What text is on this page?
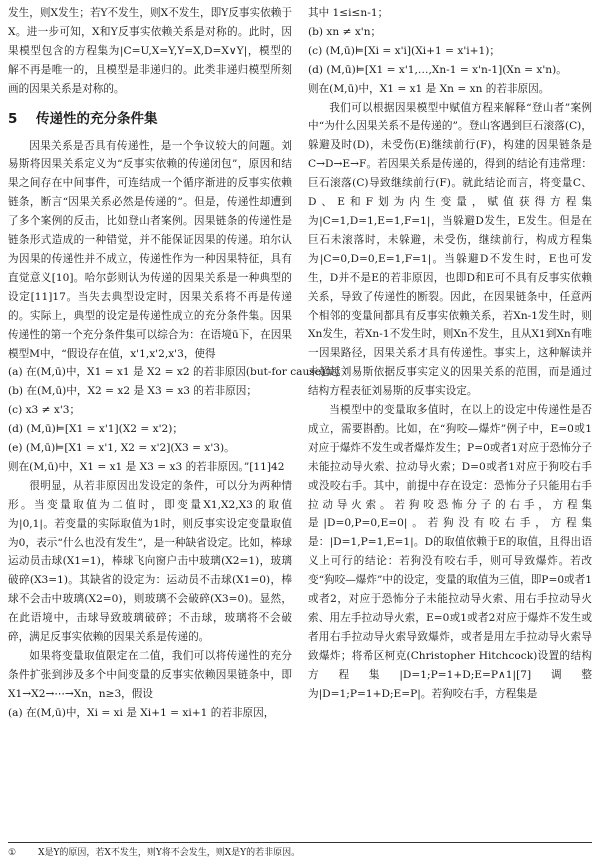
发生，则X发生；若Y不发生，则X不发生，即Y反事实依赖于X。进一步可知，X和Y反事实依赖关系是对称的。此时，因果模型包含的方程集为|C=U,X=Y,Y=X,D=X∨Y|，模型的解不再是唯一的，且模型是非递归的。此类非递归模型所刻画的因果关系是对称的。

5 传递性的充分条件集

因果关系是否具有传递性，是一个争议较大的问题。刘易斯将因果关系定义为“反事实依赖的传递闭包”，原因和结果之间存在中间事件，可连结成一个循序渐进的反事实依赖链条，断言“因果关系必然是传递的”。但是，传递性却遭到了多个案例的反击，比如登山者案例。因果链条的传递性是链条形式造成的一种错觉，并不能保证因果的传递。珀尔认为因果的传递性并不成立，传递性作为一种因果特征，具有直觉意义[10]。哈尔彭则认为传递的因果关系是一种典型的设定[11]17。当失去典型设定时，因果关系将不再是传递的。实际上，典型的设定是传递性成立的充分条件集。因果传递性的第一个充分条件集可以综合为：在语境ū下，在因果模型M中，“假设存在值，x'1,x'2,x'3，使得

(a) 在(M,ū)中，X1 = x1 是 X2 = x2 的若非原因(but-for cause)①；
(b) 在(M,ū)中，X2 = x2 是 X3 = x3 的若非原因；
(c) x3 ≠ x'3；
(d) (M,ū)⊨[X1 = x'1](X2 = x'2)；
(e) (M,ū)⊨[X1 = x'1, X2 = x'2](X3 = x'3)。
则在(M,ū)中，X1 = x1 是 X3 = x3 的若非原因。”[11]42

很明显，从若非原因出发设定的条件，可以分为两种情形。当变量取值为二值时，即变量X1,X2,X3的取值为|0,1|。若变量的实际取值为1时，则反事实设定变量取值为0，表示“什么也没有发生”，是一种缺省设定。比如，棒球运动员击球(X1=1)，棒球飞向窗户击中玻璃(X2=1)，玻璃破碎(X3=1)。其缺省的设定为：运动员不击球(X1=0)，棒球不会击中玻璃(X2=0)，则玻璃不会破碎(X3=0)。显然，在此语境中，击球导致玻璃破碎；不击球，玻璃将不会破碎，满足反事实依赖的因果关系是传递的。

如果将变量取值限定在二值，我们可以将传递性的充分条件扩张到涉及多个中间变量的反事实依赖因果链条中，即X1→X2→⋯→Xn，n≥3，假设

(a) 在(M,ū)中，Xi = xi 是 Xi+1 = xi+1 的若非原因，
其中 1≤i≤n-1；
(b) xn ≠ x'n；
(c) (M,ū)⊨[Xi = x'i](Xi+1 = x'i+1)；
(d) (M,ū)⊨[X1 = x'1,…,Xn-1 = x'n-1](Xn = x'n)。
则在(M,ū)中，X1 = x1 是 Xn = xn 的若非原因。

我们可以根据因果模型中赋值方程来解释“登山者”案例中“为什么因果关系不是传递的”。登山客遇到巨石滚落(C)，躲避及时(D)，未受伤(E)继续前行(F)，构建的因果链条是C→D→E→F。若因果关系是传递的，得到的结论有违常理：巨石滚落(C)导致继续前行(F)。就此结论而言，将变量C、D、E和F划为内生变量，赋值获得方程集为|C=1,D=1,E=1,F=1|，当躲避D发生，E发生。但是在巨石未滚落时，未躲避，未受伤，继续前行，构成方程集为|C=0,D=0,E=1,F=1|。当躲避D不发生时，E也可发生，D并不是E的若非原因，也即D和E可不具有反事实依赖关系，导致了传递性的断裂。因此，在因果链条中，任意两个相邻的变量间都具有反事实依赖关系，若Xn-1发生时，则Xn发生，若Xn-1不发生时，则Xn不发生，且从X1到Xn有唯一因果路径，因果关系才具有传递性。事实上，这种解读并未超越刘易斯依据反事实定义的因果关系的范围，而是通过结构方程表征刘易斯的反事实设定。

当模型中的变量取多值时，在以上的设定中传递性是否成立，需要斟酌。比如，在“狗咬—爆炸”例子中，E=0或1对应于爆炸不发生或者爆炸发生；P=0或者1对应于恐怖分子未能拉动导火索、拉动导火索；D=0或者1对应于狗咬右手或没咬右手。其中，前提中存在设定：恐怖分子只能用右手拉动导火索。若狗咬恐怖分子的右手，方程集是|D=0,P=0,E=0|。若狗没有咬右手，方程集是：|D=1,P=1,E=1|。D的取值依赖于E的取值，且得出语义上可行的结论：若狗没有咬右手，则可导致爆炸。若改变“狗咬—爆炸”中的设定，变量的取值为三值，即P=0或者1或者2，对应于恐怖分子未能拉动导火索、用右手拉动导火索、用左手拉动导火索，E=0或1或者2对应于爆炸不发生或者用右手拉动导火索导致爆炸，或者是用左手拉动导火索导致爆炸；将希区柯克(Christopher Hitchcock)设置的结构方程集|D=1;P=1+D;E=P∧1|[7]调整为|D=1;P=1+D;E=P|。若狗咬右手，方程集是

① X是Y的原因，若X不发生，则Y将不会发生，则X是Y的若非原因。
